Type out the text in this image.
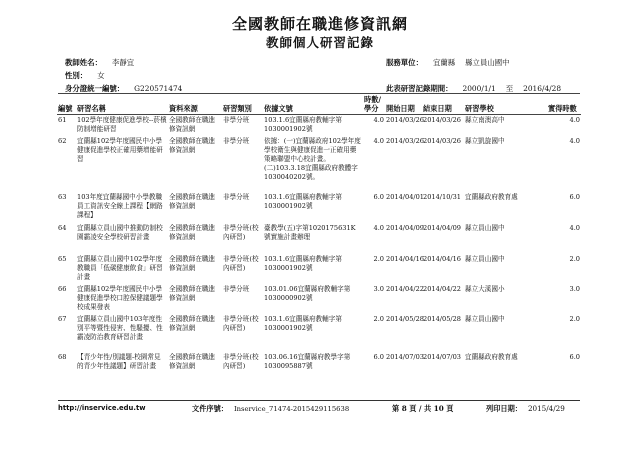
全國教師在職進修資訊網
教師個人研習記錄
教師姓名： 李靜宜	服務單位： 宜蘭縣 縣立員山國中
性別： 女
身分證統一編號： G220571474	此表研習記錄期間： 2000/1/1 至 2016/4/28
編號	研習名稱	資料來源	研習類別	依據文號	時數/學分	開始日期	結束日期	研習學校	實得時數
61	102學年度健康促進學校--菸檳防制增能研習	全國教師在職進修資訊網	非學分班	103.1.6宜蘭縣府教輔字第1030001902號	4.0	2014/03/26	2014/03/26	縣立南澳高中	4.0
62	宜蘭縣102學年度國民中小學健康促進學校正確用藥增能研習	全國教師在職進修資訊網	非學分班	依據：(一)宜蘭縣政府102學年度學校衛生與健康促進一正確用藥策略聯盟中心校計畫。(二)103.3.18宜蘭縣政府教體字1030040202號。	4.0	2014/03/26	2014/03/26	縣立凱旋國中	4.0
63	103年度宜蘭縣國中小學教職員工資訊安全線上課程【網路課程】	全國教師在職進修資訊網	非學分班	103.1.6宜蘭縣府教輔字第1030001902號	6.0	2014/04/01	2014/10/31	宜蘭縣政府教育處	6.0
64	宜蘭縣立員山國中推動防制校園霸凌安全學校研習計畫	全國教師在職進修資訊網	非學分班(校內研習)	臺教學(五)字第1020175631K號實施計畫辦理	4.0	2014/04/09	2014/04/09	縣立員山國中	4.0
65	宜蘭縣立員山國中102學年度 教職員「低碳健康飲食」研習計畫	全國教師在職進修資訊網	非學分班(校內研習)	103.1.6宜蘭縣府教輔字第1030001902號	2.0	2014/04/16	2014/04/16	縣立員山國中	2.0
66	宜蘭縣102學年度國民中小學健康促進學校口腔保健議題學校成果發表	全國教師在職進修資訊網	非學分班	103.01.06宜蘭縣府教輔字第1030000902號	3.0	2014/04/22	2014/04/22	縣立大溪國小	3.0
67	宜蘭縣立員山國中103年度性別平等暨性侵害、性騷擾、性霸凌防治教育研習計畫	全國教師在職進修資訊網	非學分班(校內研習)	103.1.6宜蘭縣府教輔字第1030001902號	2.0	2014/05/28	2014/05/28	縣立員山國中	2.0
68	【青少年性/別議題-校園常見的青少年性議題】研習計畫	全國教師在職進修資訊網	非學分班(校內研習)	103.06.16宜蘭縣府教學字第1030095887號	6.0	2014/07/03	2014/07/03	宜蘭縣政府教育處	6.0
http://inservice.edu.tw	文件序號： Inservice_71474-2015429115638	第 8 頁 / 共 10 頁	列印日期： 2015/4/29
